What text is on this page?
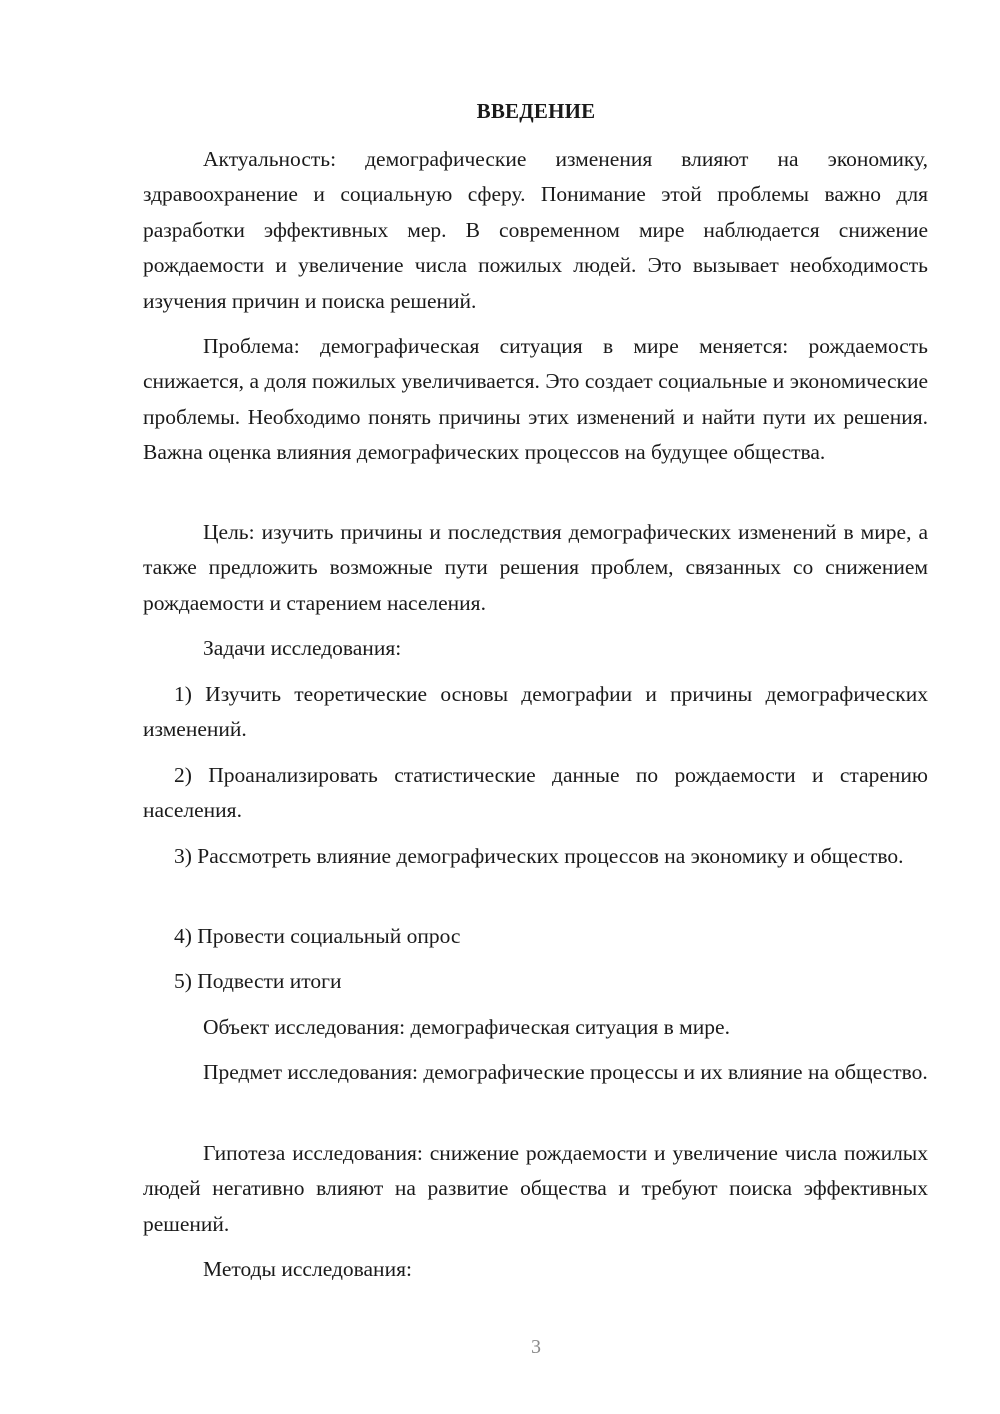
ВВЕДЕНИЕ

Актуальность: демографические изменения влияют на экономику, здравоохранение и социальную сферу. Понимание этой проблемы важно для разработки эффективных мер. В современном мире наблюдается снижение рождаемости и увеличение числа пожилых людей. Это вызывает необходимость изучения причин и поиска решений.

Проблема: демографическая ситуация в мире меняется: рождаемость снижается, а доля пожилых увеличивается. Это создает социальные и экономические проблемы. Необходимо понять причины этих изменений и найти пути их решения. Важна оценка влияния демографических процессов на будущее общества.

Цель: изучить причины и последствия демографических изменений в мире, а также предложить возможные пути решения проблем, связанных со снижением рождаемости и старением населения.

Задачи исследования:

1) Изучить теоретические основы демографии и причины демографических изменений.

2) Проанализировать статистические данные по рождаемости и старению населения.

3) Рассмотреть влияние демографических процессов на экономику и общество.

4) Провести социальный опрос

5) Подвести итоги

Объект исследования: демографическая ситуация в мире.

Предмет исследования: демографические процессы и их влияние на общество.

Гипотеза исследования: снижение рождаемости и увеличение числа пожилых людей негативно влияют на развитие общества и требуют поиска эффективных решений.

Методы исследования:

3
